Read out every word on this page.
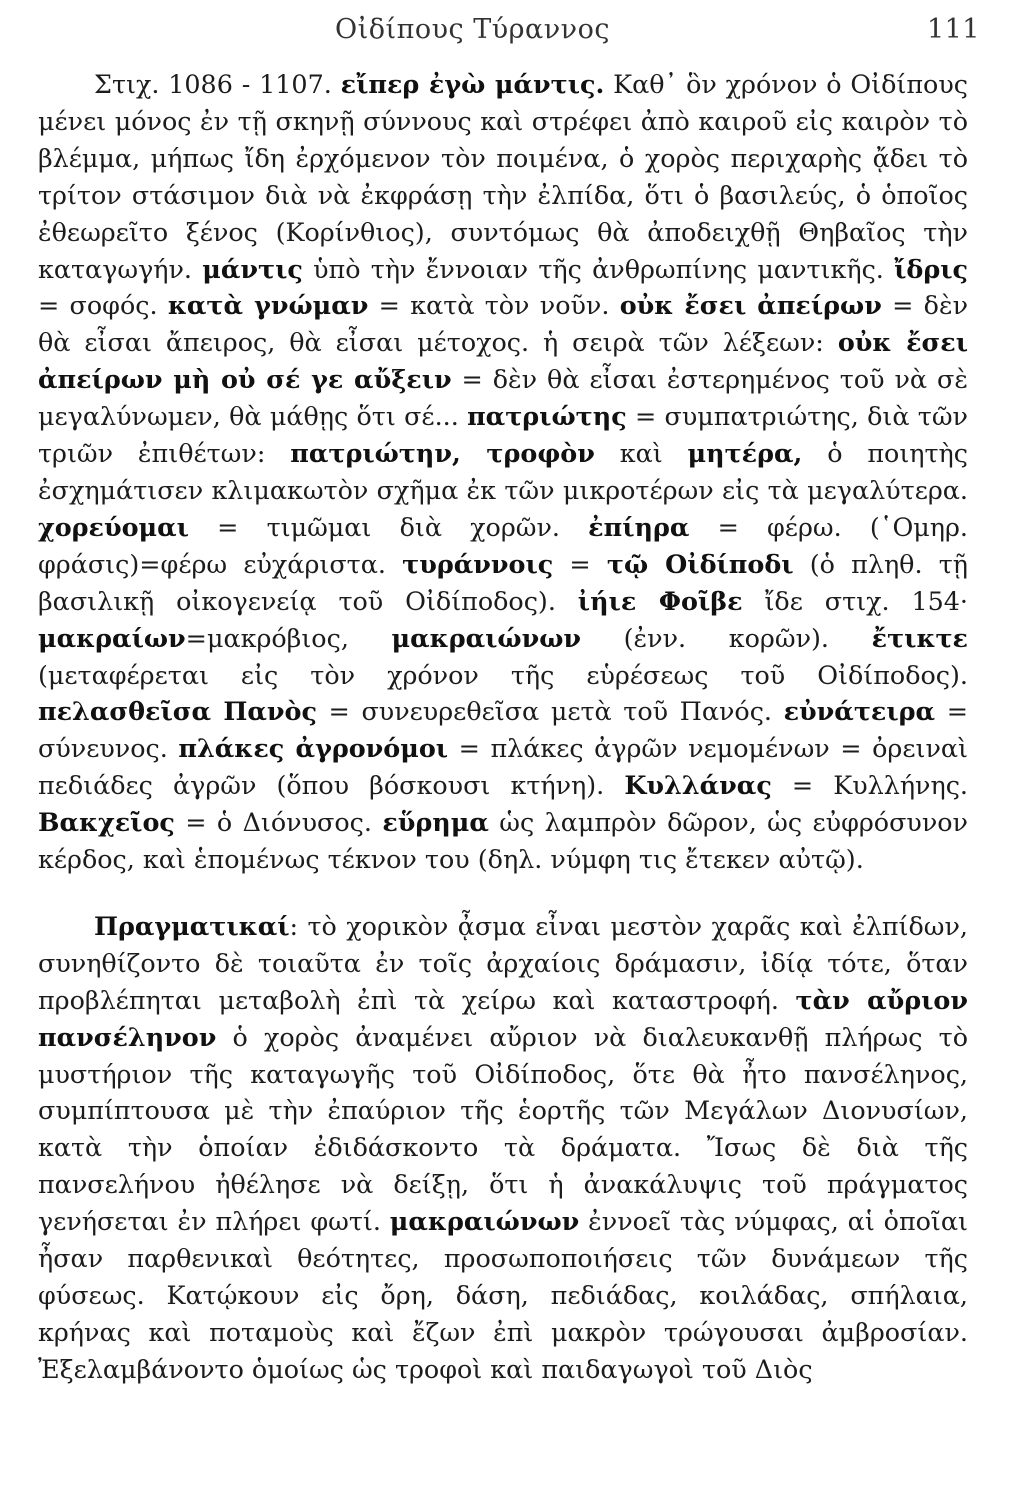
Οἰδίπους Τύραννος	111

Στιχ. 1086 - 1107. εἴπερ ἐγὼ μάντις. Καθ᾽ ὃν χρόνον ὁ Οἰδίπους μένει μόνος ἐν τῇ σκηνῇ σύννους καὶ στρέφει ἀπὸ καιροῦ εἰς καιρὸν τὸ βλέμμα, μήπως ἴδη ἐρχόμενον τὸν ποιμένα, ὁ χορὸς περιχαρὴς ᾄδει τὸ τρίτον στάσιμον διὰ νὰ ἐκφράσῃ τὴν ἐλπίδα, ὅτι ὁ βασιλεύς, ὁ ὁποῖος ἐθεωρεῖτο ξένος (Κορίνθιος), συντόμως θὰ ἀποδειχθῇ Θηβαῖος τὴν καταγωγήν. μάντις ὑπὸ τὴν ἔννοιαν τῆς ἀνθρωπίνης μαντικῆς. ἴδρις = σοφός. κατὰ γνώμαν = κατὰ τὸν νοῦν. οὐκ ἔσει ἀπείρων = δὲν θὰ εἶσαι ἄπειρος, θὰ εἶσαι μέτοχος. ἡ σειρὰ τῶν λέξεων: οὐκ ἔσει ἀπείρων μὴ οὐ σέ γε αὔξειν = δὲν θὰ εἶσαι ἐστερημένος τοῦ νὰ σὲ μεγαλύνωμεν, θὰ μάθῃς ὅτι σέ... πατριώτης = συμπατριώτης, διὰ τῶν τριῶν ἐπιθέτων: πατριώτην, τροφὸν καὶ μητέρα, ὁ ποιητὴς ἐσχημάτισεν κλιμακωτὸν σχῆμα ἐκ τῶν μικροτέρων εἰς τὰ μεγαλύτερα. χορεύομαι = τιμῶμαι διὰ χορῶν. ἐπίηρα = φέρω. (῾Ομηρ. φράσις)=φέρω εὐχάριστα. τυράννοις = τῷ Οἰδίποδι (ὁ πληθ. τῇ βασιλικῇ οἰκογενείᾳ τοῦ Οἰδίποδος). ἰήιε Φοῖβε ἴδε στιχ. 154· μακραίων=μακρόβιος, μακραιώνων (ἐνν. κορῶν). ἔτικτε (μεταφέρεται εἰς τὸν χρόνον τῆς εὑρέσεως τοῦ Οἰδίποδος). πελασθεῖσα Πανὸς = συνευρεθεῖσα μετὰ τοῦ Πανός. εὐνάτειρα = σύνευνος. πλάκες ἀγρονόμοι = πλάκες ἀγρῶν νεμομένων = ὀρειναὶ πεδιάδες ἀγρῶν (ὅπου βόσκουσι κτήνη). Κυλλάνας = Κυλλήνης. Βακχεῖος = ὁ Διόνυσος. εὕρημα ὡς λαμπρὸν δῶρον, ὡς εὐφρόσυνον κέρδος, καὶ ἑπομένως τέκνον του (δηλ. νύμφη τις ἔτεκεν αὐτῷ).

Πραγματικαί: τὸ χορικὸν ᾆσμα εἶναι μεστὸν χαρᾶς καὶ ἐλπίδων, συνηθίζοντο δὲ τοιαῦτα ἐν τοῖς ἀρχαίοις δράμασιν, ἰδίᾳ τότε, ὅταν προβλέπηται μεταβολὴ ἐπὶ τὰ χείρω καὶ καταστροφή. τὰν αὔριον πανσέληνον ὁ χορὸς ἀναμένει αὔριον νὰ διαλευκανθῇ πλήρως τὸ μυστήριον τῆς καταγωγῆς τοῦ Οἰδίποδος, ὅτε θὰ ἦτο πανσέληνος, συμπίπτουσα μὲ τὴν ἐπαύριον τῆς ἑορτῆς τῶν Μεγάλων Διονυσίων, κατὰ τὴν ὁποίαν ἐδιδάσκοντο τὰ δράματα. Ἴσως δὲ διὰ τῆς πανσελήνου ἠθέλησε νὰ δείξῃ, ὅτι ἡ ἀνακάλυψις τοῦ πράγματος γενήσεται ἐν πλήρει φωτί. μακραιώνων ἐννοεῖ τὰς νύμφας, αἱ ὁποῖαι ἦσαν παρθενικαὶ θεότητες, προσωποποιήσεις τῶν δυνάμεων τῆς φύσεως. Κατῴκουν εἰς ὄρη, δάση, πεδιάδας, κοιλάδας, σπήλαια, κρήνας καὶ ποταμοὺς καὶ ἔζων ἐπὶ μακρὸν τρώγουσαι ἀμβροσίαν. Ἐξελαμβάνοντο ὁμοίως ὡς τροφοὶ καὶ παιδαγωγοὶ τοῦ Διὸς
